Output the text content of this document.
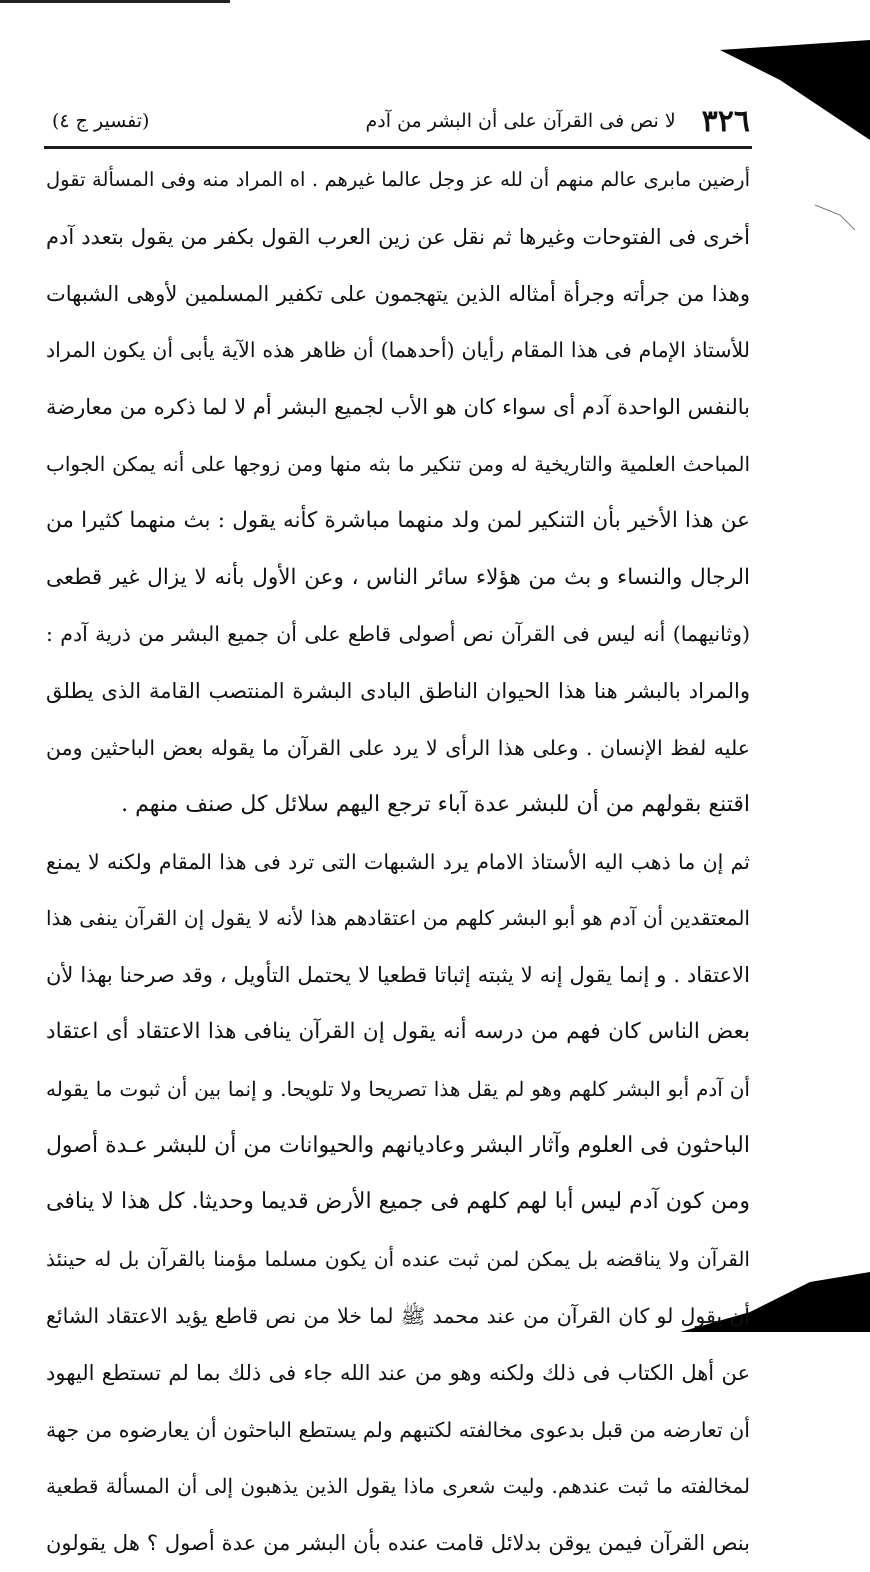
٣٢٦
لا نص فى القرآن على أن البشر من آدم
(تفسير ج ٤)
أرضين مابرى عالم منهم أن لله عز وجل عالما غيرهم . اه المراد منه وفى المسألة تقول
أخرى فى الفتوحات وغيرها ثم نقل عن زين العرب القول بكفر من يقول بتعدد آدم
وهذا من جرأته وجرأة أمثاله الذين يتهجمون على تكفير المسلمين لأوهى الشبهات
للأستاذ الإمام فى هذا المقام رأيان (أحدهما) أن ظاهر هذه الآية يأبى أن يكون المراد
بالنفس الواحدة آدم أى سواء كان هو الأب لجميع البشر أم لا لما ذكره من معارضة
المباحث العلمية والتاريخية له ومن تنكير ما بثه منها ومن زوجها على أنه يمكن الجواب
عن هذا الأخير بأن التنكير لمن ولد منهما مباشرة كأنه يقول : بث منهما كثيرا من
الرجال والنساء و بث من هؤلاء سائر الناس ، وعن الأول بأنه لا يزال غير قطعى
(وثانيهما) أنه ليس فى القرآن نص أصولى قاطع على أن جميع البشر من ذرية آدم :
والمراد بالبشر هنا هذا الحيوان الناطق البادى البشرة المنتصب القامة الذى يطلق
عليه لفظ الإنسان . وعلى هذا الرأى لا يرد على القرآن ما يقوله بعض الباحثين ومن
اقتنع بقولهم من أن للبشر عدة آباء ترجع اليهم سلائل كل صنف منهم .
ثم إن ما ذهب اليه الأستاذ الامام يرد الشبهات التى ترد فى هذا المقام ولكنه لا يمنع
المعتقدين أن آدم هو أبو البشر كلهم من اعتقادهم هذا لأنه لا يقول إن القرآن ينفى هذا
الاعتقاد . و إنما يقول إنه لا يثبته إثباتا قطعيا لا يحتمل التأويل ، وقد صرحنا بهذا لأن
بعض الناس كان فهم من درسه أنه يقول إن القرآن ينافى هذا الاعتقاد أى اعتقاد
أن آدم أبو البشر كلهم وهو لم يقل هذا تصريحا ولا تلويحا. و إنما بين أن ثبوت ما يقوله
الباحثون فى العلوم وآثار البشر وعاديانهم والحيوانات من أن للبشر عـدة أصول
ومن كون آدم ليس أبا لهم كلهم فى جميع الأرض قديما وحديثا. كل هذا لا ينافى
القرآن ولا يناقضه بل يمكن لمن ثبت عنده أن يكون مسلما مؤمنا بالقرآن بل له حينئذ
أن يقول لو كان القرآن من عند محمد ﷺ لما خلا من نص قاطع يؤيد الاعتقاد الشائع
عن أهل الكتاب فى ذلك ولكنه وهو من عند الله جاء فى ذلك بما لم تستطع اليهود
أن تعارضه من قبل بدعوى مخالفته لكتبهم ولم يستطع الباحثون أن يعارضوه من جهة
لمخالفته ما ثبت عندهم. وليت شعرى ماذا يقول الذين يذهبون إلى أن المسألة قطعية
بنص القرآن فيمن يوقن بدلائل قامت عنده بأن البشر من عدة أصول ؟ هل يقولون
